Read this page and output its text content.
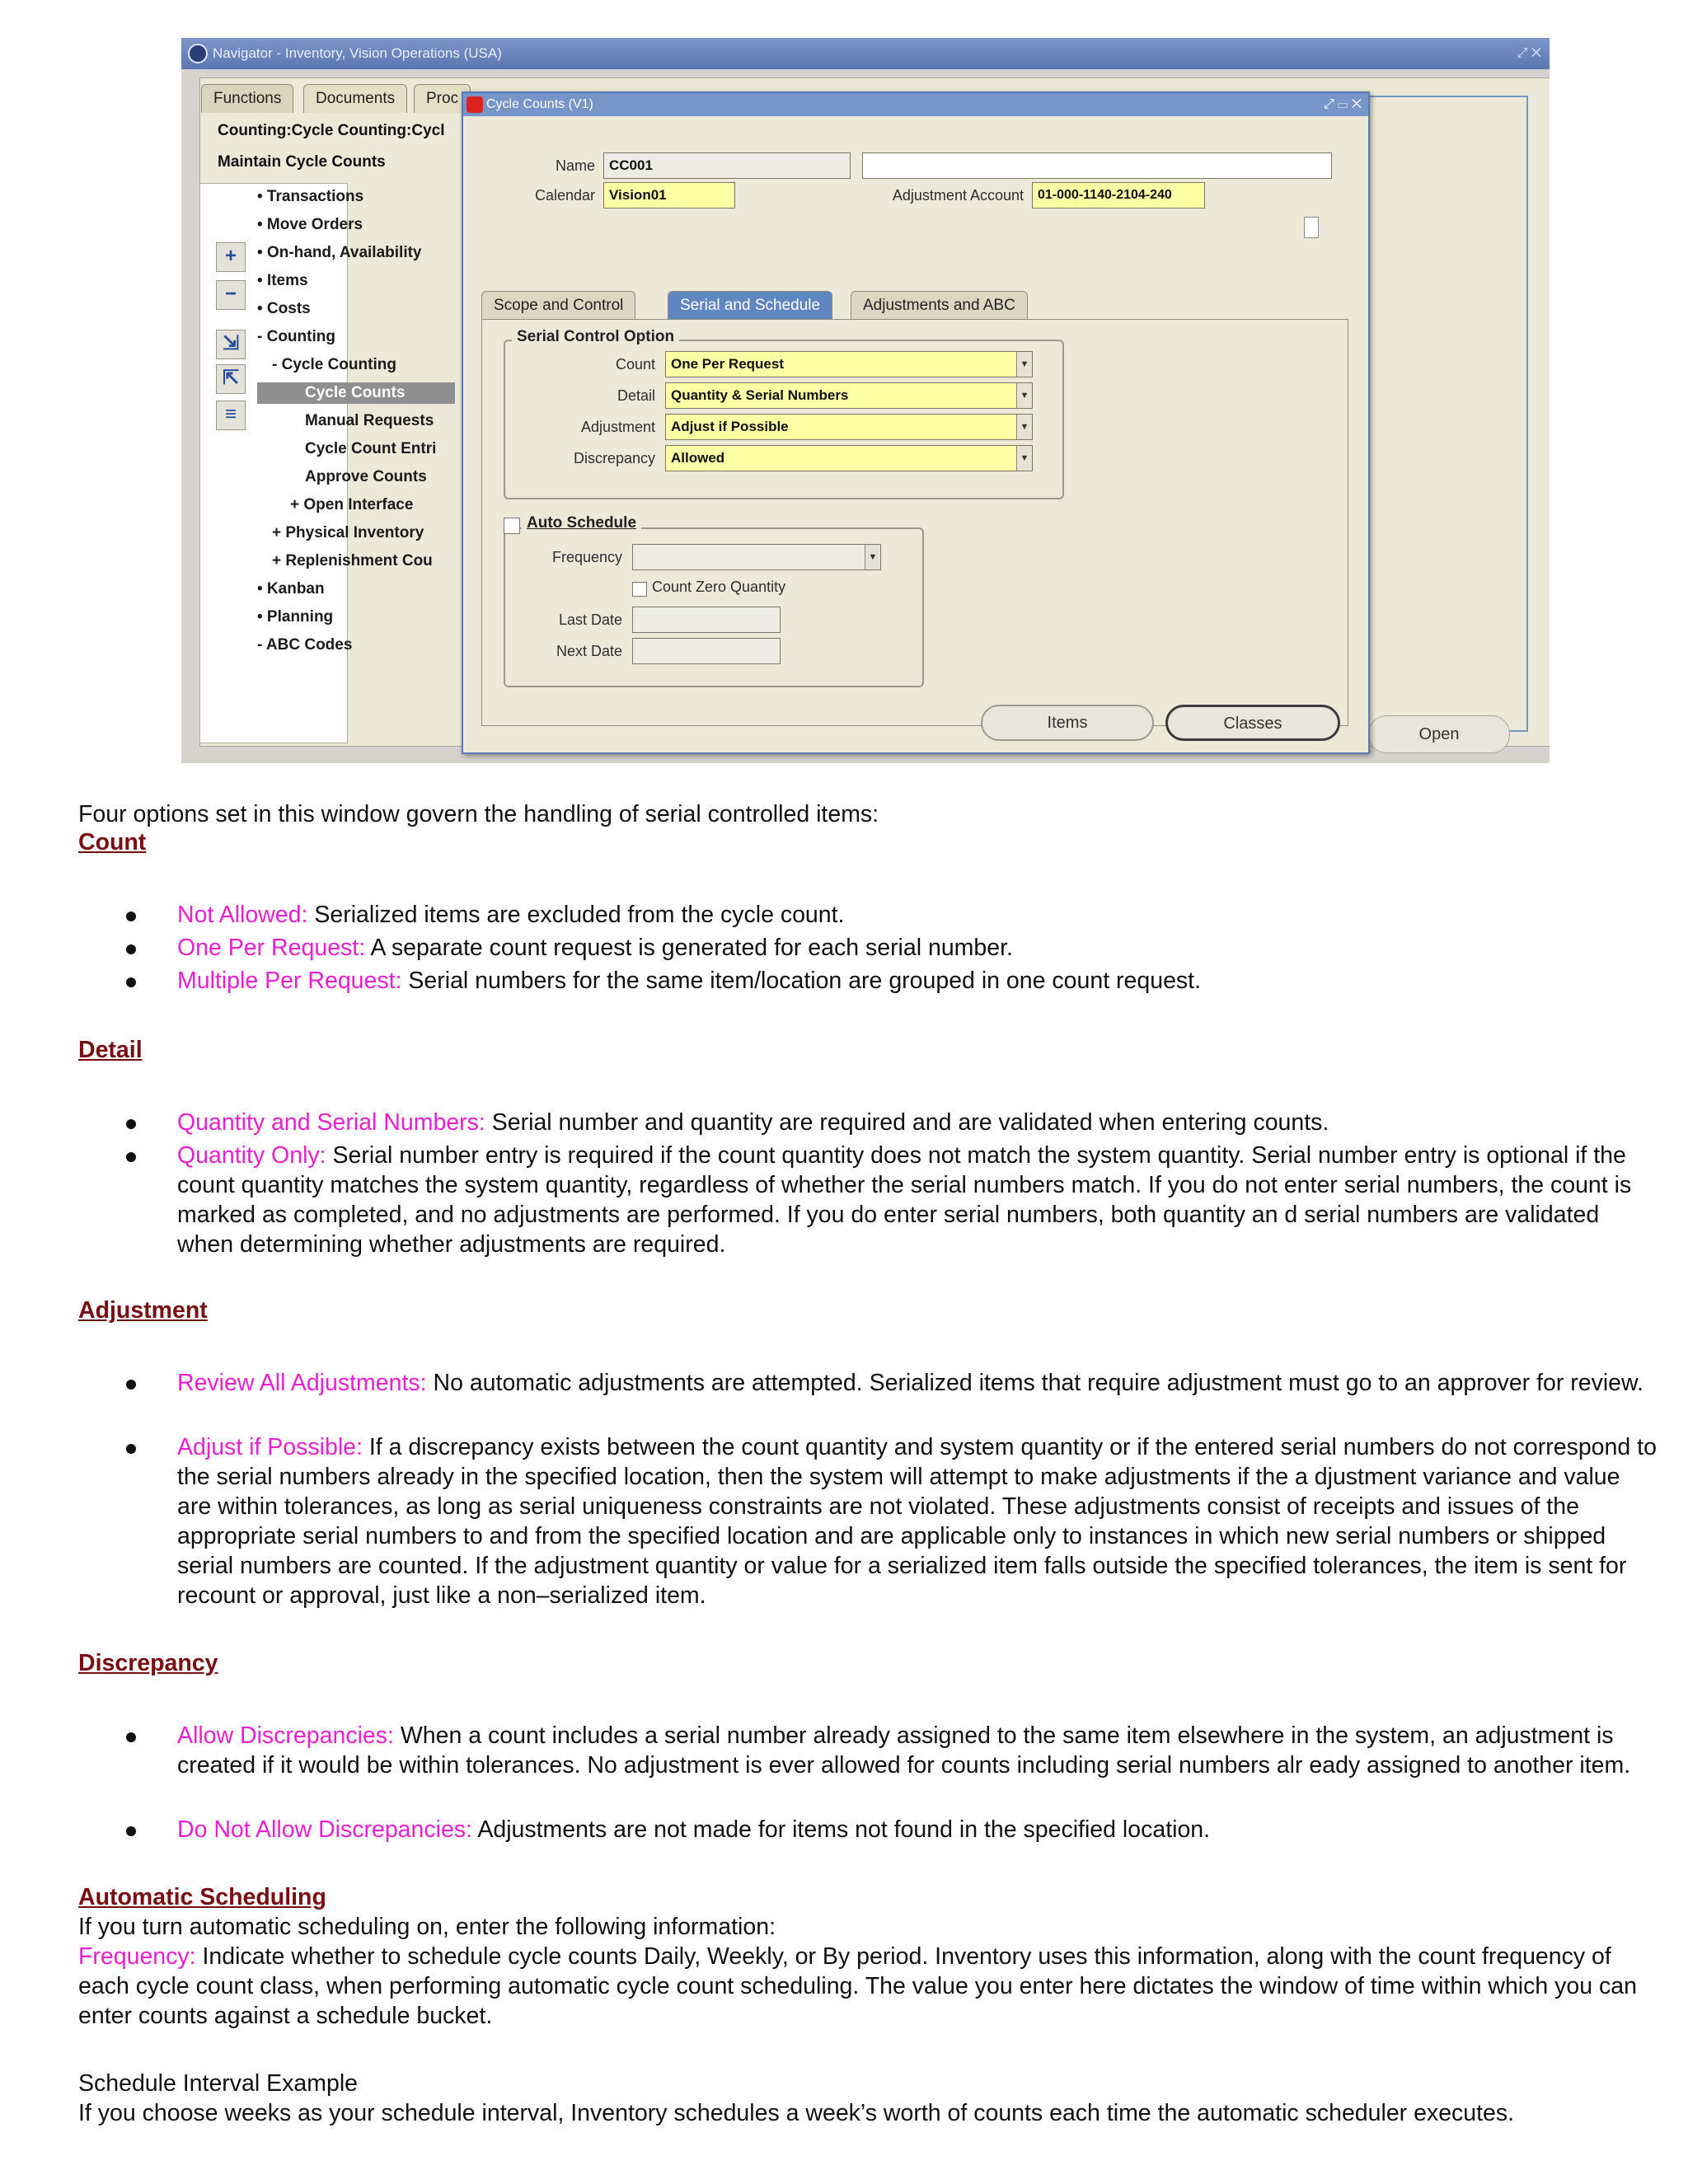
Navigator - Inventory, Vision Operations (USA)	⤢ ✕
Functions	Documents	Proc
Counting:Cycle Counting:Cycl
Maintain Cycle Counts
+
−
⇲
⇱
≡
• Transactions
• Move Orders
• On-hand, Availability
• Items
• Costs
- Counting
- Cycle Counting
Cycle Counts
Manual Requests
Cycle Count Entri
Approve Counts
+ Open Interface
+ Physical Inventory
+ Replenishment Cou
• Kanban
• Planning
- ABC Codes
Open
Cycle Counts (V1)	⤢ ▭ ✕
Name	CC001
Calendar	Vision01	Adjustment Account	01-000-1140-2104-240
Scope and Control	Serial and Schedule	Adjustments and ABC
Serial Control Option
Count	One Per Request	▼
Detail	Quantity & Serial Numbers	▼
Adjustment	Adjust if Possible	▼
Discrepancy	Allowed	▼
Auto Schedule
Frequency	▼
Count Zero Quantity
Last Date
Next Date
Items	Classes
Four options set in this window govern the handling of serial controlled items:
Count
Not Allowed: Serialized items are excluded from the cycle count.
One Per Request: A separate count request is generated for each serial number.
Multiple Per Request: Serial numbers for the same item/location are grouped in one count request.
Detail
Quantity and Serial Numbers: Serial number and quantity are required and are validated when entering counts.
Quantity Only: Serial number entry is required if the count quantity does not match the system quantity. Serial number entry is optional if the count quantity matches the system quantity, regardless of whether the serial numbers match. If you do not enter serial numbers, the count is marked as completed, and no adjustments are performed. If you do enter serial numbers, both quantity an d serial numbers are validated when determining whether adjustments are required.
Adjustment
Review All Adjustments: No automatic adjustments are attempted. Serialized items that require adjustment must go to an approver for review.
Adjust if Possible: If a discrepancy exists between the count quantity and system quantity or if the entered serial numbers do not correspond to the serial numbers already in the specified location, then the system will attempt to make adjustments if the a djustment variance and value are within tolerances, as long as serial uniqueness constraints are not violated. These adjustments consist of receipts and issues of the appropriate serial numbers to and from the specified location and are applicable only to instances in which new serial numbers or shipped serial numbers are counted. If the adjustment quantity or value for a serialized item falls outside the specified tolerances, the item is sent for recount or approval, just like a non–serialized item.
Discrepancy
Allow Discrepancies: When a count includes a serial number already assigned to the same item elsewhere in the system, an adjustment is created if it would be within tolerances. No adjustment is ever allowed for counts including serial numbers alr eady assigned to another item.
Do Not Allow Discrepancies: Adjustments are not made for items not found in the specified location.
Automatic Scheduling
If you turn automatic scheduling on, enter the following information:
Frequency: Indicate whether to schedule cycle counts Daily, Weekly, or By period. Inventory uses this information, along with the count frequency of each cycle count class, when performing automatic cycle count scheduling. The value you enter here dictates the window of time within which you can enter counts against a schedule bucket.
Schedule Interval Example
If you choose weeks as your schedule interval, Inventory schedules a week’s worth of counts each time the automatic scheduler executes.
